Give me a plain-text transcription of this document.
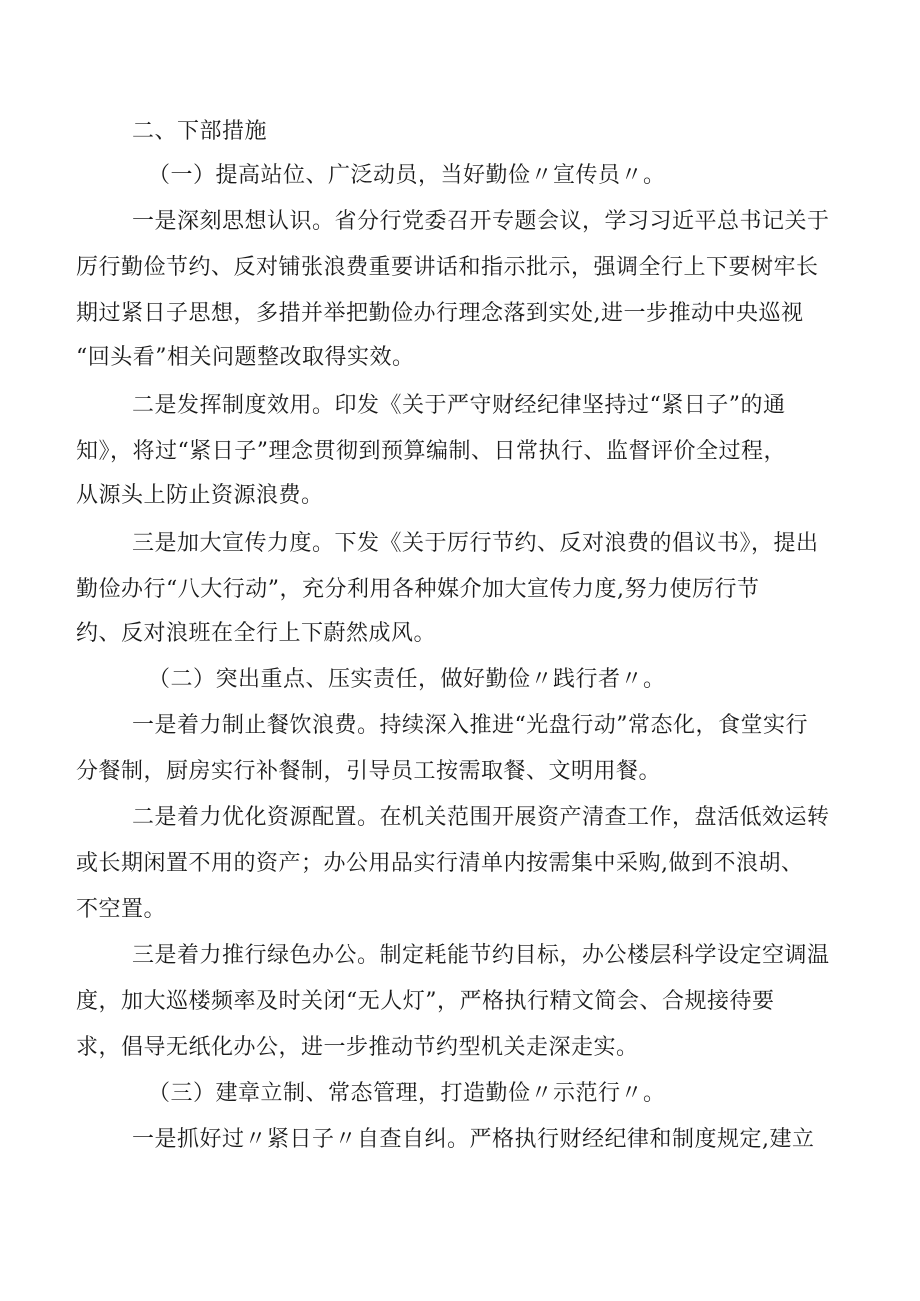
二、下部措施
（一）提高站位、广泛动员，当好勤俭〃宣传员〃。
一是深刻思想认识。省分行党委召开专题会议，学习习近平总书记关于
厉行勤俭节约、反对铺张浪费重要讲话和指示批示，强调全行上下要树牢长
期过紧日子思想，多措并举把勤俭办行理念落到实处,进一步推动中央巡视
“回头看”相关问题整改取得实效。
二是发挥制度效用。印发《关于严守财经纪律坚持过“紧日子”的通
知》，将过“紧日子”理念贯彻到预算编制、日常执行、监督评价全过程，
从源头上防止资源浪费。
三是加大宣传力度。下发《关于厉行节约、反对浪费的倡议书》，提出
勤俭办行“八大行动”，充分利用各种媒介加大宣传力度,努力使厉行节
约、反对浪班在全行上下蔚然成风。
（二）突出重点、压实责任，做好勤俭〃践行者〃。
一是着力制止餐饮浪费。持续深入推进“光盘行动”常态化，食堂实行
分餐制，厨房实行补餐制，引导员工按需取餐、文明用餐。
二是着力优化资源配置。在机关范围开展资产清查工作，盘活低效运转
或长期闲置不用的资产；办公用品实行清单内按需集中采购,做到不浪胡、
不空置。
三是着力推行绿色办公。制定耗能节约目标，办公楼层科学设定空调温
度，加大巡楼频率及时关闭“无人灯”，严格执行精文简会、合规接待要
求，倡导无纸化办公，进一步推动节约型机关走深走实。
（三）建章立制、常态管理，打造勤俭〃示范行〃。
一是抓好过〃紧日子〃自查自纠。严格执行财经纪律和制度规定,建立
